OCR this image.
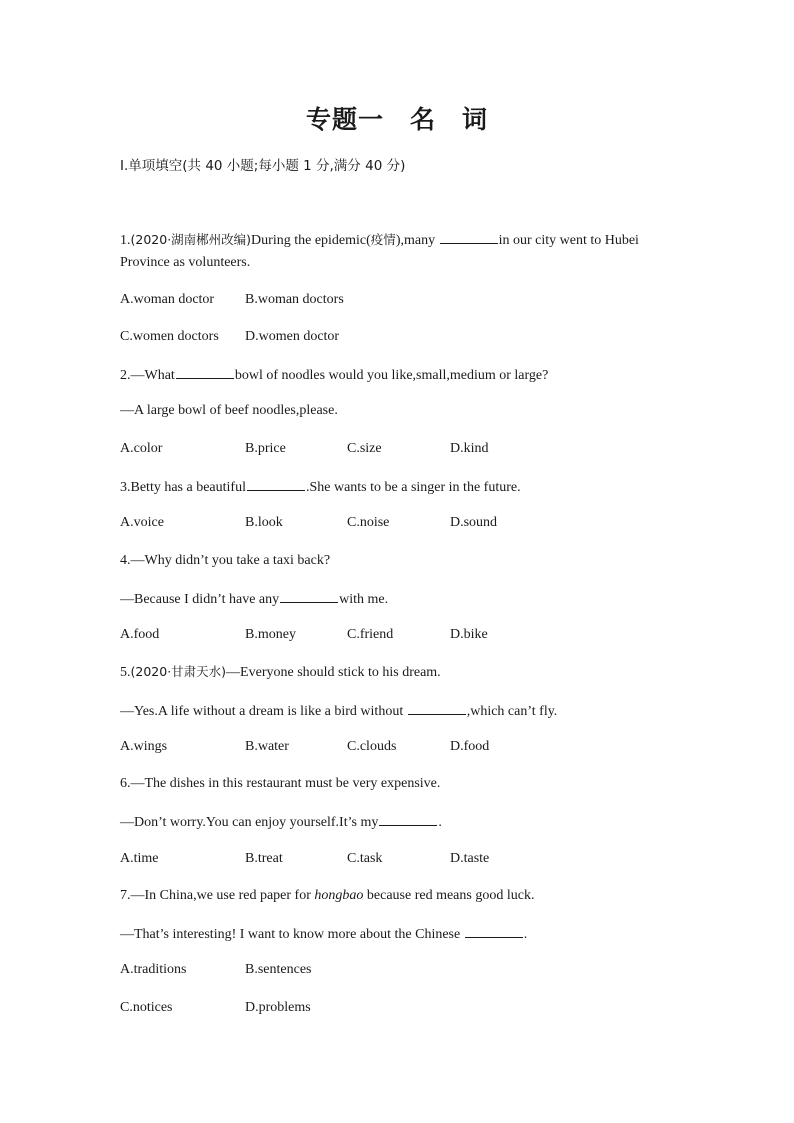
专题一　名　词
Ⅰ.单项填空(共 40 小题;每小题 1 分,满分 40 分)
1.(2020·湖南郴州改编)During the epidemic(疫情),many	in our city went to Hubei
Province as volunteers.
A.woman doctor B.woman doctors
C.women doctors D.women doctor
2.—What	bowl of noodles would you like,small,medium or large?
—A large bowl of beef noodles,please.
A.color	B.price	C.size	D.kind
3.Betty has a beautiful	.She wants to be a singer in the future.
A.voice	B.look	C.noise	D.sound
4.—Why didn’t you take a taxi back?
—Because I didn’t have any	with me.
A.food	B.money	C.friend	D.bike
5.(2020·甘肃天水)—Everyone should stick to his dream.
—Yes.A life without a dream is like a bird without	,which can’t fly.
A.wings	B.water	C.clouds	D.food
6.—The dishes in this restaurant must be very expensive.
—Don’t worry.You can enjoy yourself.It’s my	.
A.time	B.treat	C.task	D.taste
7.—In China,we use red paper for hongbao because red means good luck.
—That’s interesting! I want to know more about the Chinese	.
A.traditions	B.sentences
C.notices	D.problems
